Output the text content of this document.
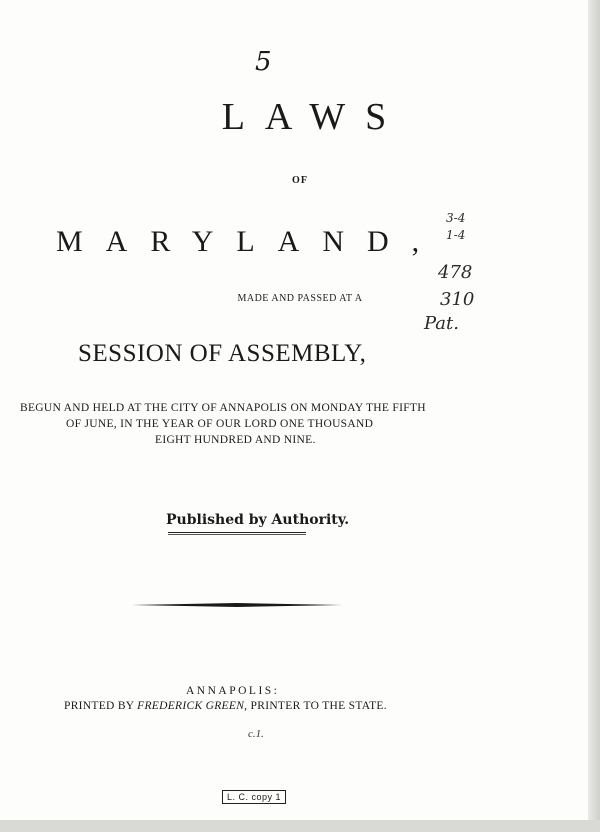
5
LAWS
OF
MARYLAND,
MADE AND PASSED AT A
SESSION OF ASSEMBLY,
BEGUN AND HELD AT THE CITY OF ANNAPOLIS ON MONDAY THE FIFTH
OF JUNE, IN THE YEAR OF OUR LORD ONE THOUSAND
EIGHT HUNDRED AND NINE.
Published by Authority.
ANNAPOLIS:
PRINTED BY FREDERICK GREEN, PRINTER TO THE STATE.
c.1.
L. C. copy 1
3-4
1-4
478
310
Pat.
